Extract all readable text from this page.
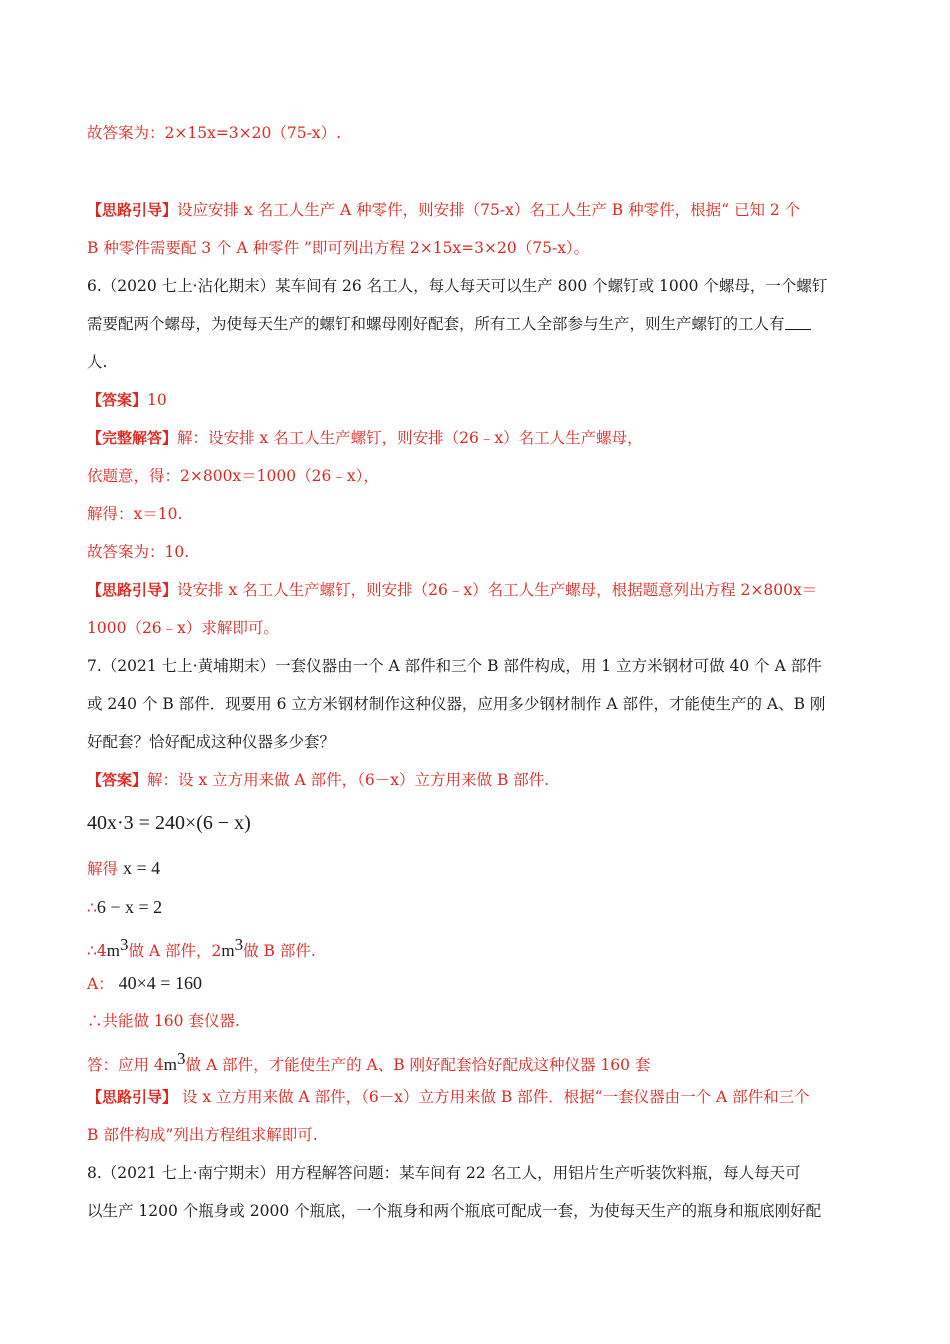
故答案为：2×15x=3×20（75-x）.
【思路引导】设应安排 x 名工人生产 A 种零件，则安排（75-x）名工人生产 B 种零件，根据“ 已知 2 个
B 种零件需要配 3 个 A 种零件 ”即可列出方程 2×15x=3×20（75-x）。
6.（2020 七上·沾化期末）某车间有 26 名工人，每人每天可以生产 800 个螺钉或 1000 个螺母，一个螺钉
需要配两个螺母，为使每天生产的螺钉和螺母刚好配套，所有工人全部参与生产，则生产螺钉的工人有
人.
【答案】10
【完整解答】解：设安排 x 名工人生产螺钉，则安排（26﹣x）名工人生产螺母，
依题意，得：2×800x＝1000（26﹣x），
解得：x＝10.
故答案为：10.
【思路引导】设安排 x 名工人生产螺钉，则安排（26﹣x）名工人生产螺母，根据题意列出方程 2×800x＝
1000（26﹣x）求解即可。
7.（2021 七上·黄埔期末）一套仪器由一个 A 部件和三个 B 部件构成，用 1 立方米钢材可做 40 个 A 部件
或 240 个 B 部件．现要用 6 立方米钢材制作这种仪器，应用多少钢材制作 A 部件，才能使生产的 A、B 刚
好配套？恰好配成这种仪器多少套？
【答案】解：设 x 立方用来做 A 部件，（6－x）立方用来做 B 部件.
40x·3 = 240×(6 − x)
解得 x = 4
∴6 − x = 2
∴4m3做 A 部件，2m3做 B 部件.
A： 40×4 = 160
∴共能做 160 套仪器.
答：应用 4m3做 A 部件，才能使生产的 A、B 刚好配套恰好配成这种仪器 160 套
【思路引导】 设 x 立方用来做 A 部件，（6－x）立方用来做 B 部件．根据“一套仪器由一个 A 部件和三个
B 部件构成”列出方程组求解即可.
8.（2021 七上·南宁期末）用方程解答问题：某车间有 22 名工人，用铝片生产听装饮料瓶，每人每天可
以生产 1200 个瓶身或 2000 个瓶底，一个瓶身和两个瓶底可配成一套，为使每天生产的瓶身和瓶底刚好配
